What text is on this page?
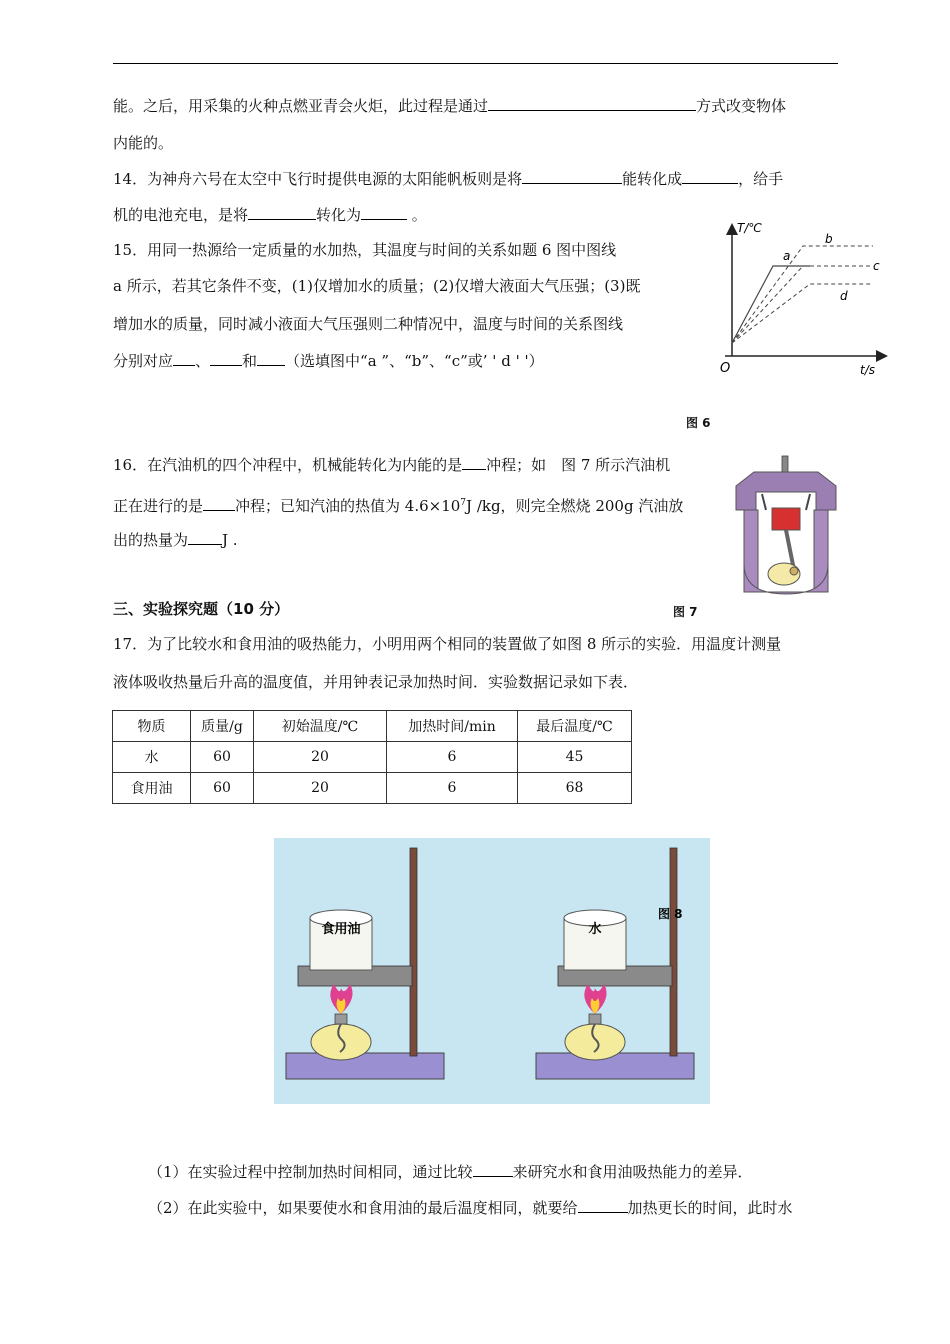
能。之后，用采集的火种点燃亚青会火炬，此过程是通过	方式改变物体
内能的。
14．为神舟六号在太空中飞行时提供电源的太阳能帆板则是将	能转化成	，给手
机的电池充电，是将	转化为	。
15．用同一热源给一定质量的水加热，其温度与时间的关系如题 6 图中图线
a 所示，若其它条件不变，(1)仅增加水的质量；(2)仅增大液面大气压强；(3)既
增加水的质量，同时减小液面大气压强则二种情况中，温度与时间的关系图线
分别对应 、 和 （选填图中“a ”、“b”、“c”或’ ' d ' '）
T/℃
t/s
O
b
a
c
d
图 6
16．在汽油机的四个冲程中，机械能转化为内能的是 冲程；如　图 7 所示汽油机
正在进行的是 冲程；已知汽油的热值为 $4.6\times 10^7J$ /kg，则完全燃烧 200g 汽油放
出的热量为 J .
图 7
三、实验探究题（10 分）
17．为了比较水和食用油的吸热能力，小明用两个相同的装置做了如图 8 所示的实验．用温度计测量
液体吸收热量后升高的温度值，并用钟表记录加热时间．实验数据记录如下表．
物质	质量/g	初始温度/℃	加热时间/min	最后温度/℃
水	60	20	6	45
食用油	60	20	6	68
食用油	水
图 8
（1）在实验过程中控制加热时间相同，通过比较	来研究水和食用油吸热能力的差异．
（2）在此实验中，如果要使水和食用油的最后温度相同，就要给	加热更长的时间，此时水
